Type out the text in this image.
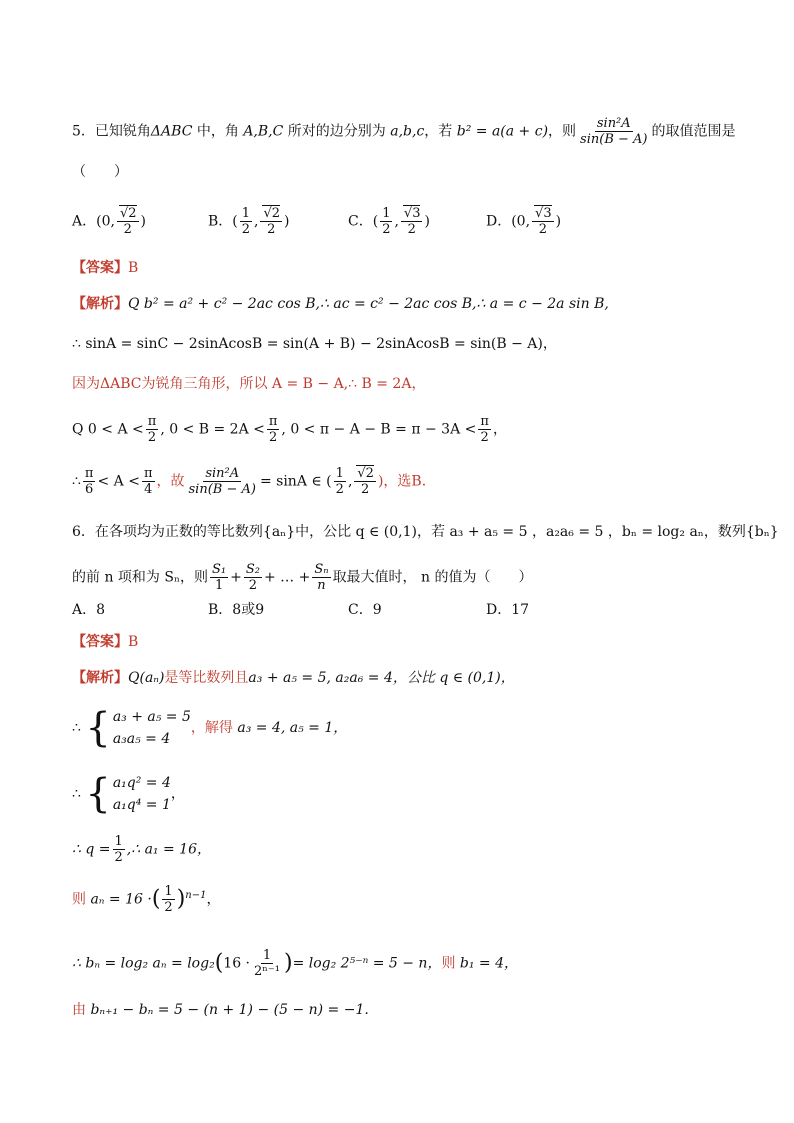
5．已知锐角ΔABC 中，角 A,B,C 所对的边分别为 a,b,c，若 b² = a(a + c)，则 $\frac{\text{sin²A}}{\sin(B - A)}$ 的取值范围是
（　　）
A．(0, $\frac{√2}{2}$ )	B．( $\frac{1}{2}$ , $\frac{√2}{2}$ )	C．( $\frac{1}{2}$ , $\frac{√3}{2}$ )	D．(0, $\frac{√3}{2}$ )
【答案】B
【解析】Q b² = a² + c² − 2ac cos B,∴ ac = c² − 2ac cos B,∴ a = c − 2a sin B,
∴ sinA = sinC − 2sinAcosB = sin(A + B) − 2sinAcosB = sin(B − A)，
因为ΔABC为锐角三角形，所以 A = B − A,∴ B = 2A，
Q $0 < A < \frac{\pi}{2}$ , $0 < B = 2A < \frac{\pi}{2}$ , $0 < \pi - A - B = \pi - 3A < \frac{\pi}{2}$ ，
∴ $\frac{\pi}{6} < A < \frac{\pi}{4}$ ，故 $\frac{\text{sin²A}}{\sin(B - A)} = \sin A$ ∈ ( $\frac{1}{2}$ , $\frac{√2}{2}$ )，选B.
6．在各项均为正数的等比数列{aₙ}中，公比 q ∈ (0,1)，若 a₃ + a₅ = 5 ，a₂a₆ = 5 ，bₙ = log₂ aₙ，数列{bₙ}
的前 n 项和为 Sₙ，则 $\frac{\text{S₁}}{1} + \frac{\text{S₂}}{2}$ + … + $\frac{\text{Sₙ}}{n}$ 取最大值时， n 的值为（　　）
A．8	B．8或9	C．9	D．17
【答案】B
【解析】Q(aₙ)是等比数列且a₃ + a₅ = 5, a₂a₆ = 4，公比 q ∈ (0,1)，
∴ { a₃ + a₅ = 5
a₃a₅ = 4
，解得 a₃ = 4, a₅ = 1，
∴ { a₁q² = 4
a₁q⁴ = 1
，
∴ $q = \frac{1}{2}$ ,∴ a₁ = 16，
则 aₙ = 16 ·( $\frac{1}{2} )^{n-1}$，
∴ bₙ = log₂ $a_n = \log_2(16 \cdot \frac{1}{\text{2ⁿ⁻¹}}$ )= log₂ 2⁵⁻ⁿ = 5 − n，则 b₁ = 4，
由 bₙ₊₁ − bₙ = 5 − (n + 1) − (5 − n) = −1.
